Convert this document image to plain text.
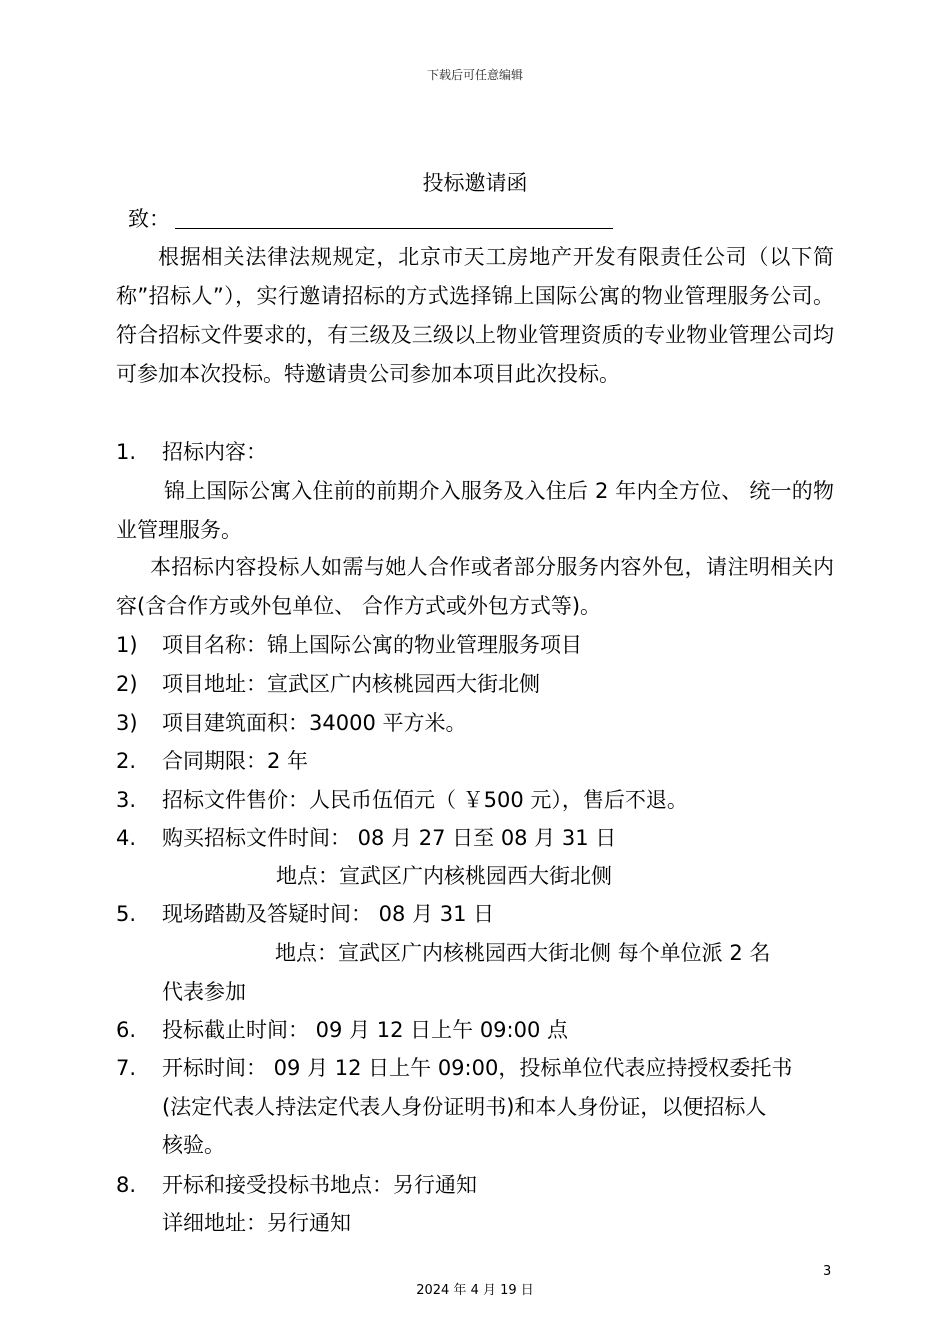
下载后可任意编辑
投标邀请函
致：
根据相关法律法规规定，北京市天工房地产开发有限责任公司（以下简称”招标人”），实行邀请招标的方式选择锦上国际公寓的物业管理服务公司。符合招标文件要求的，有三级及三级以上物业管理资质的专业物业管理公司均可参加本次投标。特邀请贵公司参加本项目此次投标。
1. 招标内容：
锦上国际公寓入住前的前期介入服务及入住后 2 年内全方位、 统一的物业管理服务。
本招标内容投标人如需与她人合作或者部分服务内容外包，请注明相关内容(含合作方或外包单位、 合作方式或外包方式等)。
1) 项目名称：锦上国际公寓的物业管理服务项目
2) 项目地址：宣武区广内核桃园西大街北侧
3) 项目建筑面积：34000 平方米。
2. 合同期限：2 年
3. 招标文件售价：人民币伍佰元（ ￥500 元），售后不退。
4. 购买招标文件时间： 08 月 27 日至 08 月 31 日
地点：宣武区广内核桃园西大街北侧
5. 现场踏勘及答疑时间： 08 月 31 日
地点：宣武区广内核桃园西大街北侧 每个单位派 2 名
代表参加
6. 投标截止时间： 09 月 12 日上午 09:00 点
7. 开标时间： 09 月 12 日上午 09:00，投标单位代表应持授权委托书
(法定代表人持法定代表人身份证明书)和本人身份证，以便招标人
核验。
8. 开标和接受投标书地点：另行通知
详细地址：另行通知
3
2024 年 4 月 19 日
